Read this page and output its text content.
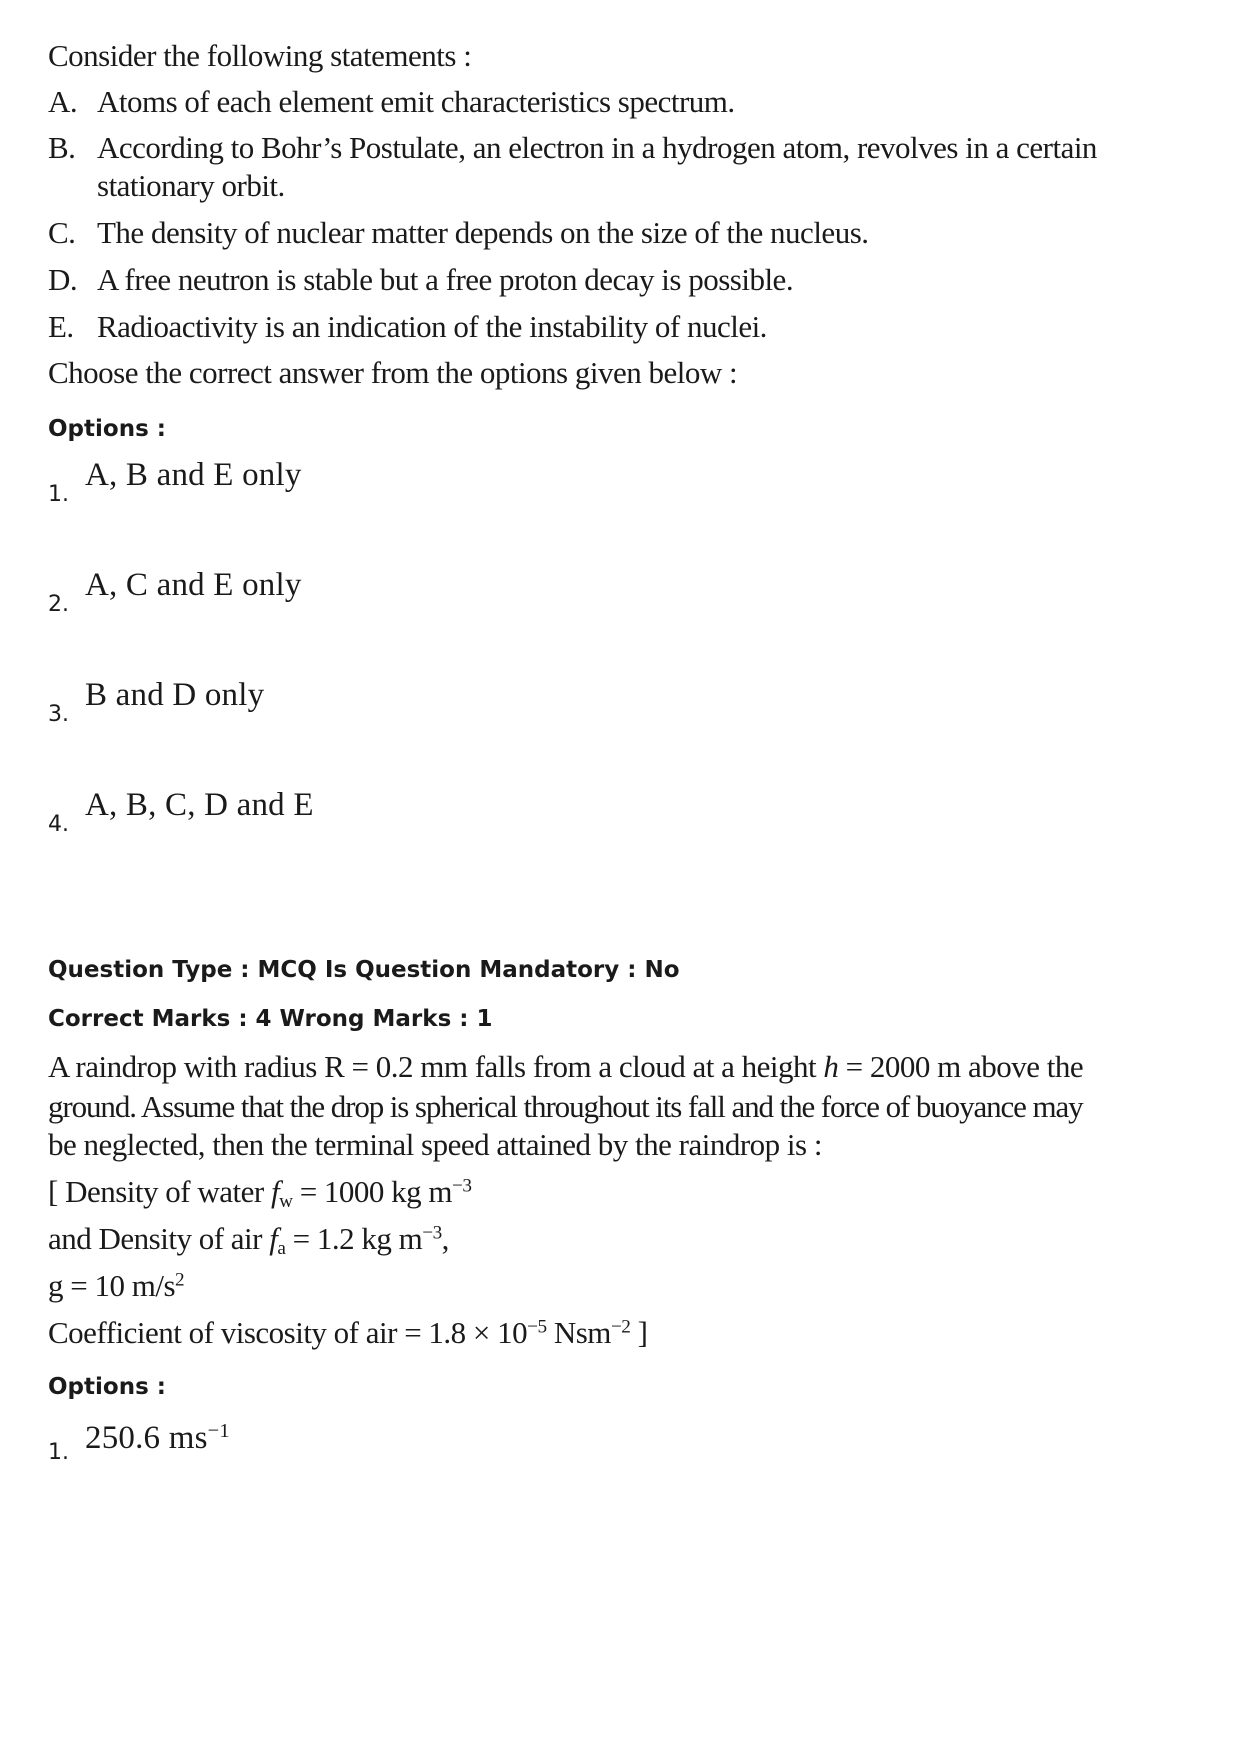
Consider the following statements :
A. Atoms of each element emit characteristics spectrum.
B. According to Bohr’s Postulate, an electron in a hydrogen atom, revolves in a certain
stationary orbit.
C. The density of nuclear matter depends on the size of the nucleus.
D. A free neutron is stable but a free proton decay is possible.
E. Radioactivity is an indication of the instability of nuclei.
Choose the correct answer from the options given below :
Options :
1.
A, B and E only
2.
A, C and E only
3.
B and D only
4.
A, B, C, D and E
Question Type : MCQ Is Question Mandatory : No
Correct Marks : 4 Wrong Marks : 1
A raindrop with radius R = 0.2 mm falls from a cloud at a height h = 2000 m above the
ground. Assume that the drop is spherical throughout its fall and the force of buoyance may
be neglected, then the terminal speed attained by the raindrop is :
[ Density of water $f_w = 1000$ kg $m^{-3}$
and Density of air $f_a = 1.2$ kg $m^{-3}$,
g = 10 $m/s^2$
Coefficient of viscosity of air = $1.8 \times 10^{-5}$ Nsm$^{-2}$ ]
Options :
1. 250.6 $ms^{-1}$
